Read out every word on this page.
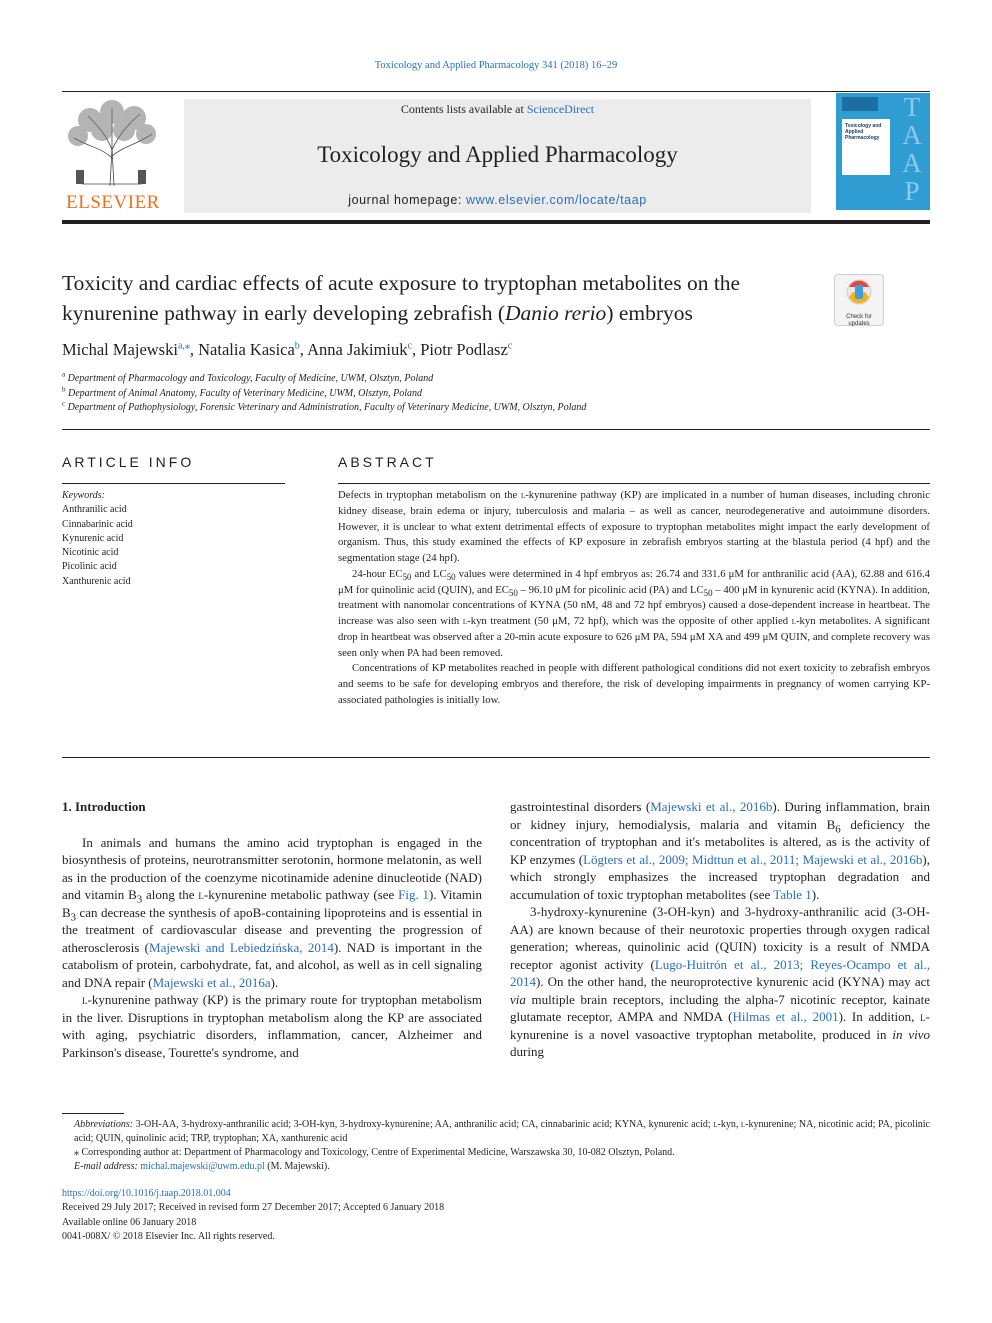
Toxicology and Applied Pharmacology 341 (2018) 16–29
ELSEVIER
Contents lists available at ScienceDirect
Toxicology and Applied Pharmacology
journal homepage: www.elsevier.com/locate/taap
Toxicology and Applied Pharmacology
TAAP
Toxicity and cardiac effects of acute exposure to tryptophan metabolites on the kynurenine pathway in early developing zebrafish (Danio rerio) embryos	Check for updates
Michal Majewski$^{a,⁎}$, Natalia Kasica$^b$, Anna Jakimiuk$^c$, Piotr Podlasz$^c$
$^a$ Department of Pharmacology and Toxicology, Faculty of Medicine, UWM, Olsztyn, Poland
$^b$ Department of Animal Anatomy, Faculty of Veterinary Medicine, UWM, Olsztyn, Poland
$^c$ Department of Pathophysiology, Forensic Veterinary and Administration, Faculty of Veterinary Medicine, UWM, Olsztyn, Poland
ARTICLE INFO
Keywords:
Anthranilic acid
Cinnabarinic acid
Kynurenic acid
Nicotinic acid
Picolinic acid
Xanthurenic acid
ABSTRACT

Defects in tryptophan metabolism on the l-kynurenine pathway (KP) are implicated in a number of human diseases, including chronic kidney disease, brain edema or injury, tuberculosis and malaria – as well as cancer, neurodegenerative and autoimmune disorders. However, it is unclear to what extent detrimental effects of exposure to tryptophan metabolites might impact the early development of organism. Thus, this study examined the effects of KP exposure in zebrafish embryos starting at the blastula period (4 hpf) and the segmentation stage (24 hpf).

24-hour $EC_{50}$ and $LC_{50}$ values were determined in 4 hpf embryos as: 26.74 and 331.6 μM for anthranilic acid (AA), 62.88 and 616.4 μM for quinolinic acid (QUIN), and $EC_{50} - 96.10$ μM for picolinic acid (PA) and $LC_{50} - 400$ μM in kynurenic acid (KYNA). In addition, treatment with nanomolar concentrations of KYNA (50 nM, 48 and 72 hpf embryos) caused a dose-dependent increase in heartbeat. The increase was also seen with l-kyn treatment (50 μM, 72 hpf), which was the opposite of other applied l-kyn metabolites. A significant drop in heartbeat was observed after a 20-min acute exposure to 626 μM PA, 594 μM XA and 499 μM QUIN, and complete recovery was seen only when PA had been removed.

Concentrations of KP metabolites reached in people with different pathological conditions did not exert toxicity to zebrafish embryos and seems to be safe for developing embryos and therefore, the risk of developing impairments in pregnancy of women carrying KP-associated pathologies is initially low.

1. Introduction

In animals and humans the amino acid tryptophan is engaged in the biosynthesis of proteins, neurotransmitter serotonin, hormone melatonin, as well as in the production of the coenzyme nicotinamide adenine dinucleotide (NAD) and vitamin $B_3$ along the l-kynurenine metabolic pathway (see Fig. 1). Vitamin $B_3$ can decrease the synthesis of apoB-containing lipoproteins and is essential in the treatment of cardiovascular disease and preventing the progression of atherosclerosis (Majewski and Lebiedzińska, 2014). NAD is important in the catabolism of protein, carbohydrate, fat, and alcohol, as well as in cell signaling and DNA repair (Majewski et al., 2016a).

l-kynurenine pathway (KP) is the primary route for tryptophan metabolism in the liver. Disruptions in tryptophan metabolism along the KP are associated with aging, psychiatric disorders, inflammation, cancer, Alzheimer and Parkinson's disease, Tourette's syndrome, and

gastrointestinal disorders (Majewski et al., 2016b). During inflammation, brain or kidney injury, hemodialysis, malaria and vitamin $B_6$ deficiency the concentration of tryptophan and it's metabolites is altered, as is the activity of KP enzymes (Lögters et al., 2009; Midttun et al., 2011; Majewski et al., 2016b), which strongly emphasizes the increased tryptophan degradation and accumulation of toxic tryptophan metabolites (see Table 1).

3-hydroxy-kynurenine (3-OH-kyn) and 3-hydroxy-anthranilic acid (3-OH-AA) are known because of their neurotoxic properties through oxygen radical generation; whereas, quinolinic acid (QUIN) toxicity is a result of NMDA receptor agonist activity (Lugo-Huitrón et al., 2013; Reyes-Ocampo et al., 2014). On the other hand, the neuroprotective kynurenic acid (KYNA) may act via multiple brain receptors, including the alpha-7 nicotinic receptor, kainate glutamate receptor, AMPA and NMDA (Hilmas et al., 2001). In addition, l-kynurenine is a novel vasoactive tryptophan metabolite, produced in in vivo during

Abbreviations: 3-OH-AA, 3-hydroxy-anthranilic acid; 3-OH-kyn, 3-hydroxy-kynurenine; AA, anthranilic acid; CA, cinnabarinic acid; KYNA, kynurenic acid; l-kyn, l-kynurenine; NA, nicotinic acid; PA, picolinic acid; QUIN, quinolinic acid; TRP, tryptophan; XA, xanthurenic acid

⁎ Corresponding author at: Department of Pharmacology and Toxicology, Centre of Experimental Medicine, Warszawska 30, 10-082 Olsztyn, Poland.

E-mail address: michal.majewski@uwm.edu.pl (M. Majewski).

https://doi.org/10.1016/j.taap.2018.01.004

Received 29 July 2017; Received in revised form 27 December 2017; Accepted 6 January 2018

Available online 06 January 2018

0041-008X/ © 2018 Elsevier Inc. All rights reserved.
